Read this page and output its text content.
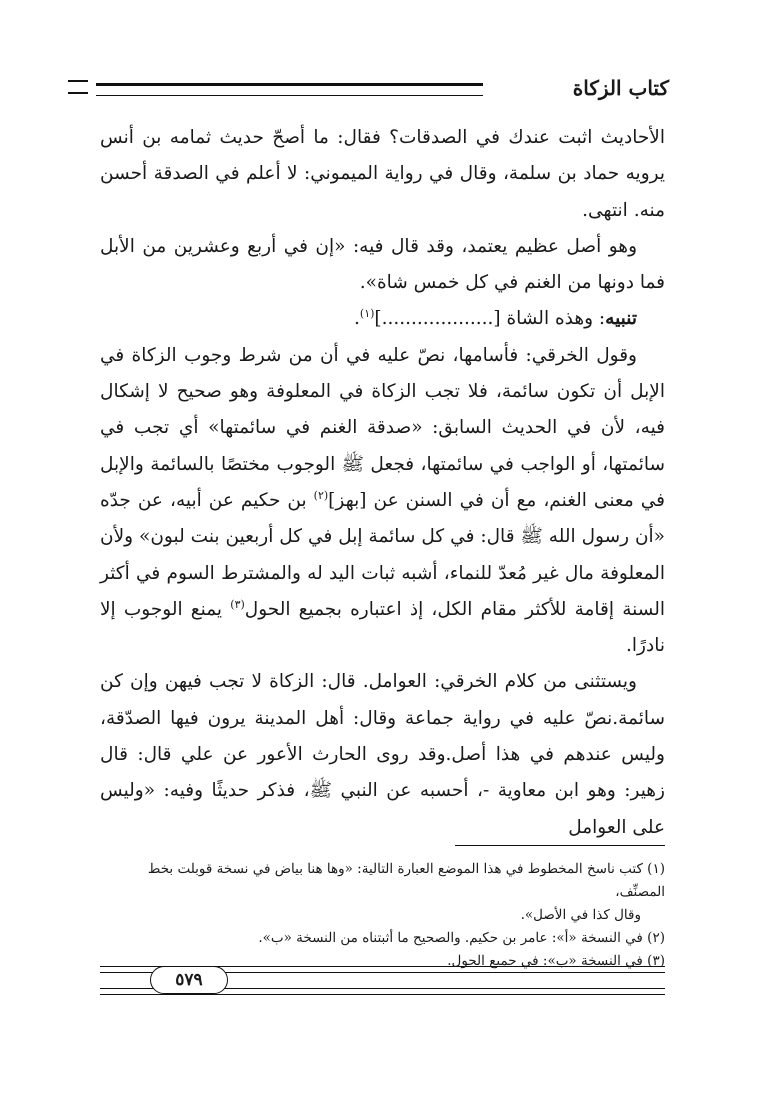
كتاب الزكاة

الأحاديث اثبت عندك في الصدقات؟ فقال: ما أصحّ حديث ثمامه بن أنس يرويه حماد بن سلمة، وقال في رواية الميموني: لا أعلم في الصدقة أحسن منه. انتهى.

وهو أصل عظيم يعتمد، وقد قال فيه: «إن في أربع وعشرين من الأبل فما دونها من الغنم في كل خمس شاة».

تنبيه: وهذه الشاة [...................]$^{(١)}$.

وقول الخرقي: فأسامها، نصّ عليه في أن من شرط وجوب الزكاة في الإبل أن تكون سائمة، فلا تجب الزكاة في المعلوفة وهو صحيح لا إشكال فيه، لأن في الحديث السابق: «صدقة الغنم في سائمتها» أي تجب في سائمتها، أو الواجب في سائمتها، فجعل ﷺ الوجوب مختصًا بالسائمة والإبل في معنى الغنم، مع أن في السنن عن [بهز]$^{(٢)}$ بن حكيم عن أبيه، عن جدّه «أن رسول الله ﷺ قال: في كل سائمة إبل في كل أربعين بنت لبون» ولأن المعلوفة مال غير مُعدّ للنماء، أشبه ثبات اليد له والمشترط السوم في أكثر السنة إقامة للأكثر مقام الكل، إذ اعتباره بجميع الحول$^{(٣)}$ يمنع الوجوب إلا نادرًا.

ويستثنى من كلام الخرقي: العوامل. قال: الزكاة لا تجب فيهن وإن كن سائمة.نصّ عليه في رواية جماعة وقال: أهل المدينة يرون فيها الصدّقة، وليس عندهم في هذا أصل.وقد روى الحارث الأعور عن علي قال: قال زهير: وهو ابن معاوية -، أحسبه عن النبي ﷺ، فذكر حديثًا وفيه: «وليس على العوامل

(١) كتب ناسخ المخطوط في هذا الموضع العبارة التالية: «وها هنا بياض في نسخة قوبلت بخط المصنِّف،

وقال كذا في الأصل».

(٢) في النسخة «أ»: عامر بن حكيم. والصحيح ما أثبتناه من النسخة «ب».

(٣) في النسخة «ب»: في جميع الحول.

٥٧٩
